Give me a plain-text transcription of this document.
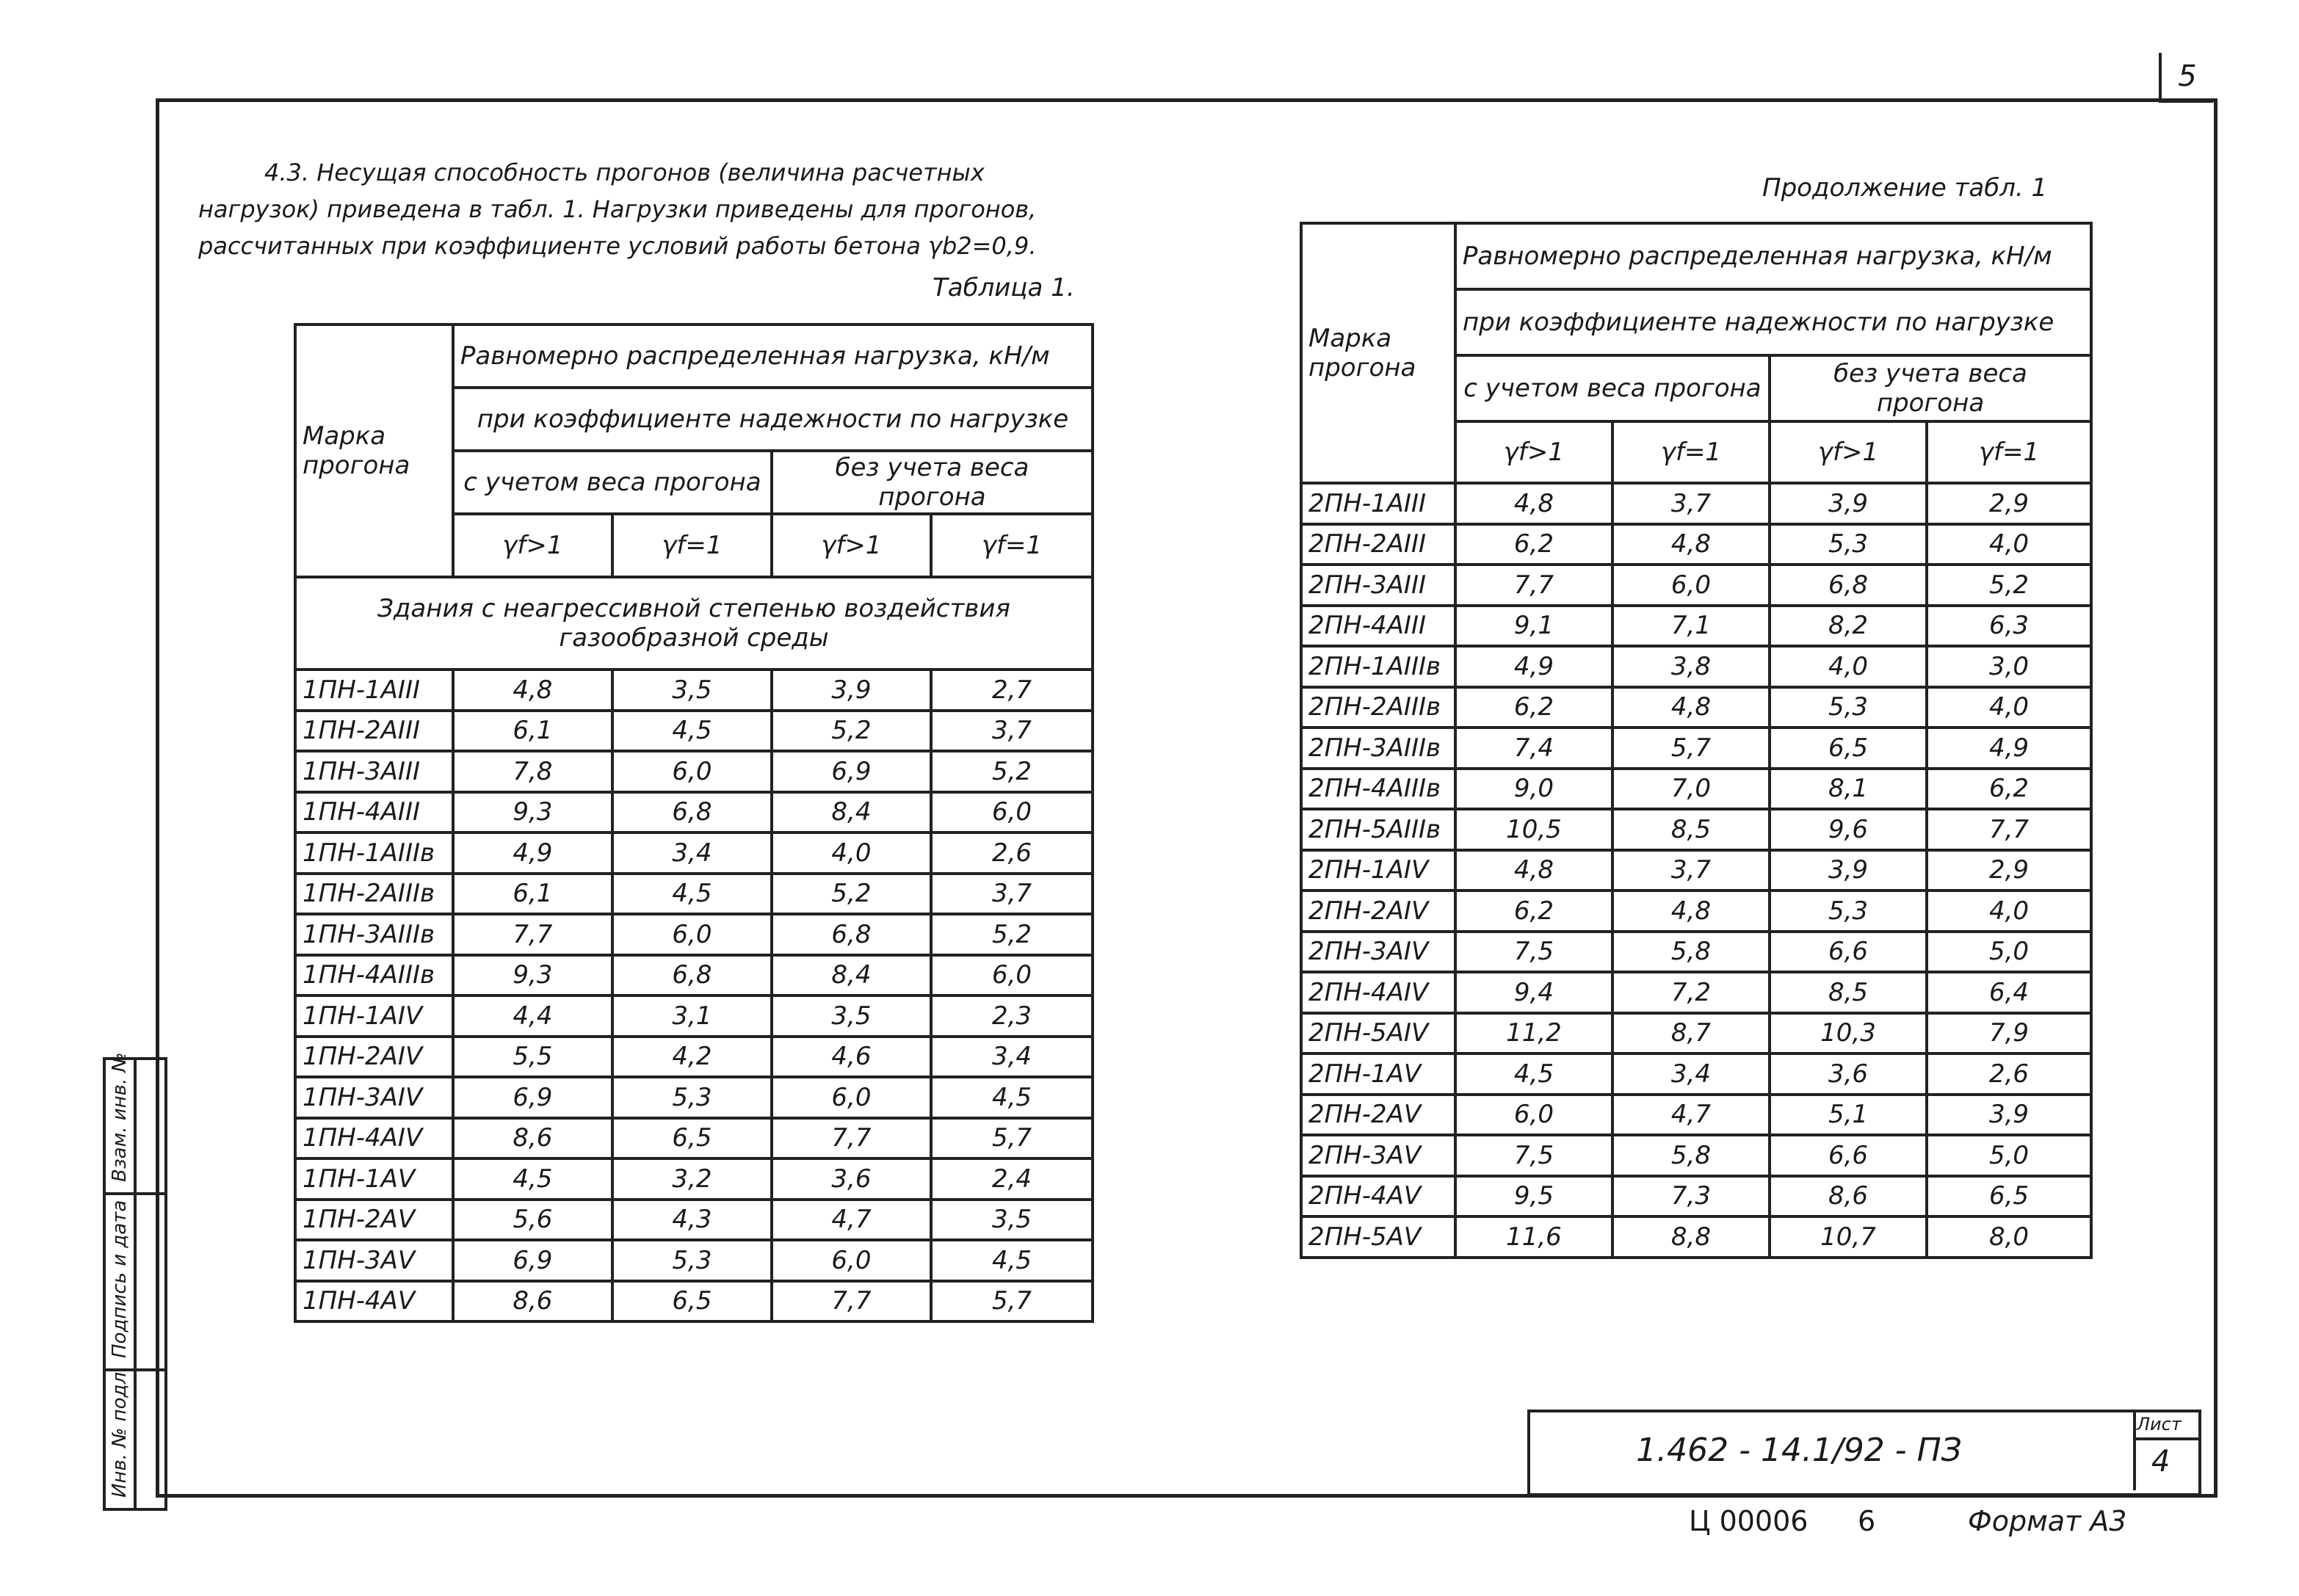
5
4.3. Несущая способность прогонов (величина расчетных
нагрузок) приведена в табл. 1. Нагрузки приведены для прогонов,
рассчитанных при коэффициенте условий работы бетона γb2=0,9.
Таблица 1.
Марка прогона	Равномерно распределенная нагрузка, кН/м			
	при коэффициенте надежности по нагрузке			
	с учетом веса прогона		без учета веса прогона	
	γf>1	γf=1	γf>1	γf=1
Здания с неагрессивной степенью воздействия газообразной среды				
1ПН-1АIII	4,8	3,5	3,9	2,7
1ПН-2АIII	6,1	4,5	5,2	3,7
1ПН-3АIII	7,8	6,0	6,9	5,2
1ПН-4АIII	9,3	6,8	8,4	6,0
1ПН-1АIIIв	4,9	3,4	4,0	2,6
1ПН-2АIIIв	6,1	4,5	5,2	3,7
1ПН-3АIIIв	7,7	6,0	6,8	5,2
1ПН-4АIIIв	9,3	6,8	8,4	6,0
1ПН-1АIV	4,4	3,1	3,5	2,3
1ПН-2АIV	5,5	4,2	4,6	3,4
1ПН-3АIV	6,9	5,3	6,0	4,5
1ПН-4АIV	8,6	6,5	7,7	5,7
1ПН-1АV	4,5	3,2	3,6	2,4
1ПН-2АV	5,6	4,3	4,7	3,5
1ПН-3АV	6,9	5,3	6,0	4,5
1ПН-4АV	8,6	6,5	7,7	5,7
Продолжение табл. 1
Марка прогона	Равномерно распределенная нагрузка, кН/м			
	при коэффициенте надежности по нагрузке			
	с учетом веса прогона		без учета веса прогона	
	γf>1	γf=1	γf>1	γf=1
2ПН-1АIII	4,8	3,7	3,9	2,9
2ПН-2АIII	6,2	4,8	5,3	4,0
2ПН-3АIII	7,7	6,0	6,8	5,2
2ПН-4АIII	9,1	7,1	8,2	6,3
2ПН-1АIIIв	4,9	3,8	4,0	3,0
2ПН-2АIIIв	6,2	4,8	5,3	4,0
2ПН-3АIIIв	7,4	5,7	6,5	4,9
2ПН-4АIIIв	9,0	7,0	8,1	6,2
2ПН-5АIIIв	10,5	8,5	9,6	7,7
2ПН-1АIV	4,8	3,7	3,9	2,9
2ПН-2АIV	6,2	4,8	5,3	4,0
2ПН-3АIV	7,5	5,8	6,6	5,0
2ПН-4АIV	9,4	7,2	8,5	6,4
2ПН-5АIV	11,2	8,7	10,3	7,9
2ПН-1АV	4,5	3,4	3,6	2,6
2ПН-2АV	6,0	4,7	5,1	3,9
2ПН-3АV	7,5	5,8	6,6	5,0
2ПН-4АV	9,5	7,3	8,6	6,5
2ПН-5АV	11,6	8,8	10,7	8,0
Инв. № подл.
Подпись и дата
Взам. инв. №
1.462 - 14.1/92 - ПЗ
Лист
4
Ц 00006 6	Формат А3
